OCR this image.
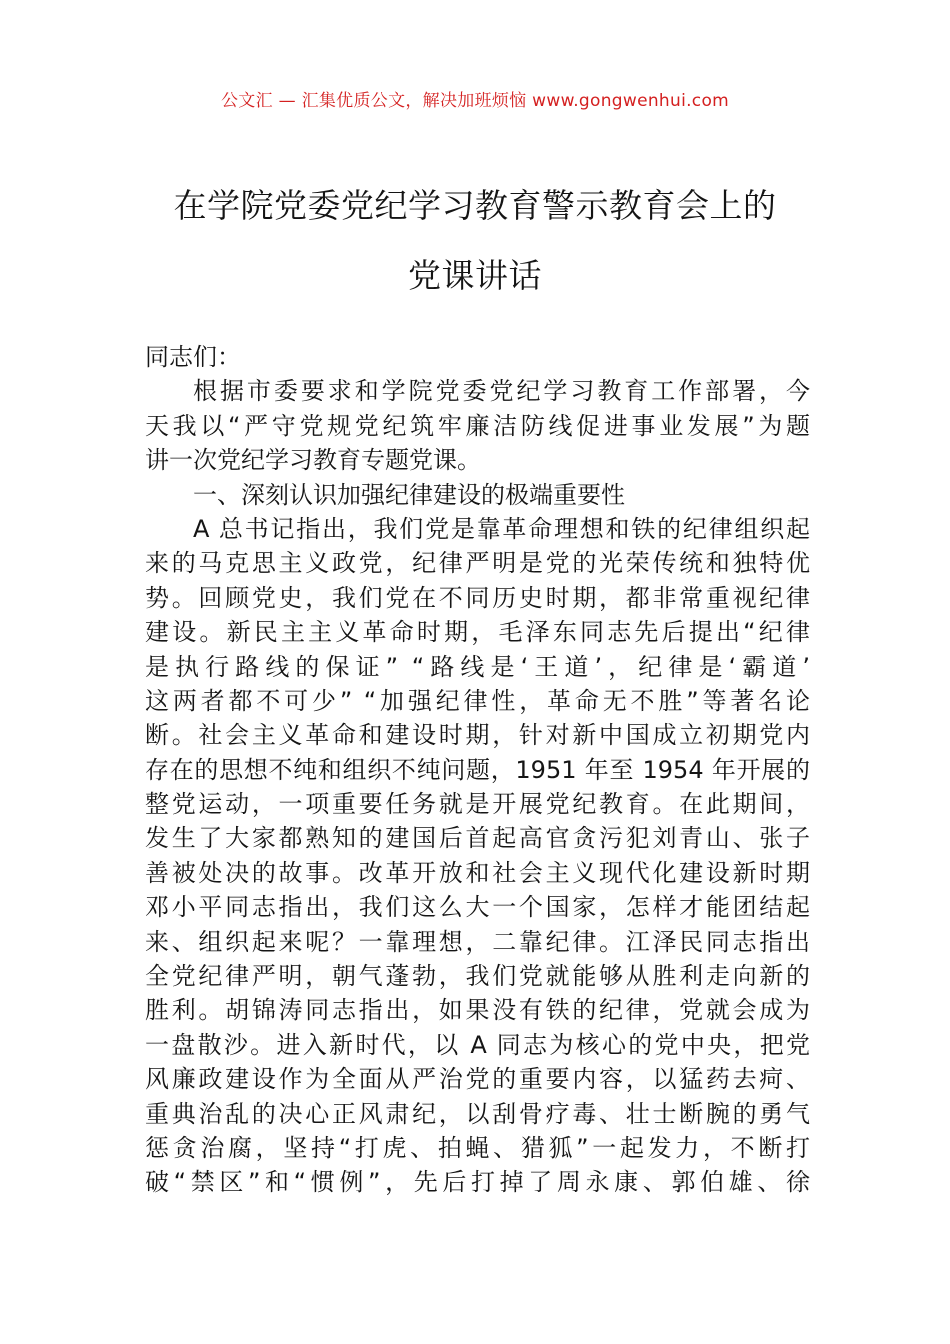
公文汇 — 汇集优质公文，解决加班烦恼 www.gongwenhui.com
在学院党委党纪学习教育警示教育会上的
党课讲话
同志们：
根据市委要求和学院党委党纪学习教育工作部署，今
天我以“严守党规党纪筑牢廉洁防线促进事业发展”为题
讲一次党纪学习教育专题党课。
一、深刻认识加强纪律建设的极端重要性
A 总书记指出，我们党是靠革命理想和铁的纪律组织起
来的马克思主义政党，纪律严明是党的光荣传统和独特优
势。回顾党史，我们党在不同历史时期，都非常重视纪律
建设。新民主主义革命时期，毛泽东同志先后提出“纪律
是执行路线的保证” “路线是‘王道’，纪律是‘霸道’
这两者都不可少” “加强纪律性，革命无不胜”等著名论
断。社会主义革命和建设时期，针对新中国成立初期党内
存在的思想不纯和组织不纯问题，1951 年至 1954 年开展的
整党运动，一项重要任务就是开展党纪教育。在此期间，
发生了大家都熟知的建国后首起高官贪污犯刘青山、张子
善被处决的故事。改革开放和社会主义现代化建设新时期
邓小平同志指出，我们这么大一个国家，怎样才能团结起
来、组织起来呢？一靠理想，二靠纪律。江泽民同志指出
全党纪律严明，朝气蓬勃，我们党就能够从胜利走向新的
胜利。胡锦涛同志指出，如果没有铁的纪律，党就会成为
一盘散沙。进入新时代，以 A 同志为核心的党中央，把党
风廉政建设作为全面从严治党的重要内容，以猛药去疴、
重典治乱的决心正风肃纪，以刮骨疗毒、壮士断腕的勇气
惩贪治腐，坚持“打虎、拍蝇、猎狐”一起发力，不断打
破“禁区”和“惯例”，先后打掉了周永康、郭伯雄、徐
